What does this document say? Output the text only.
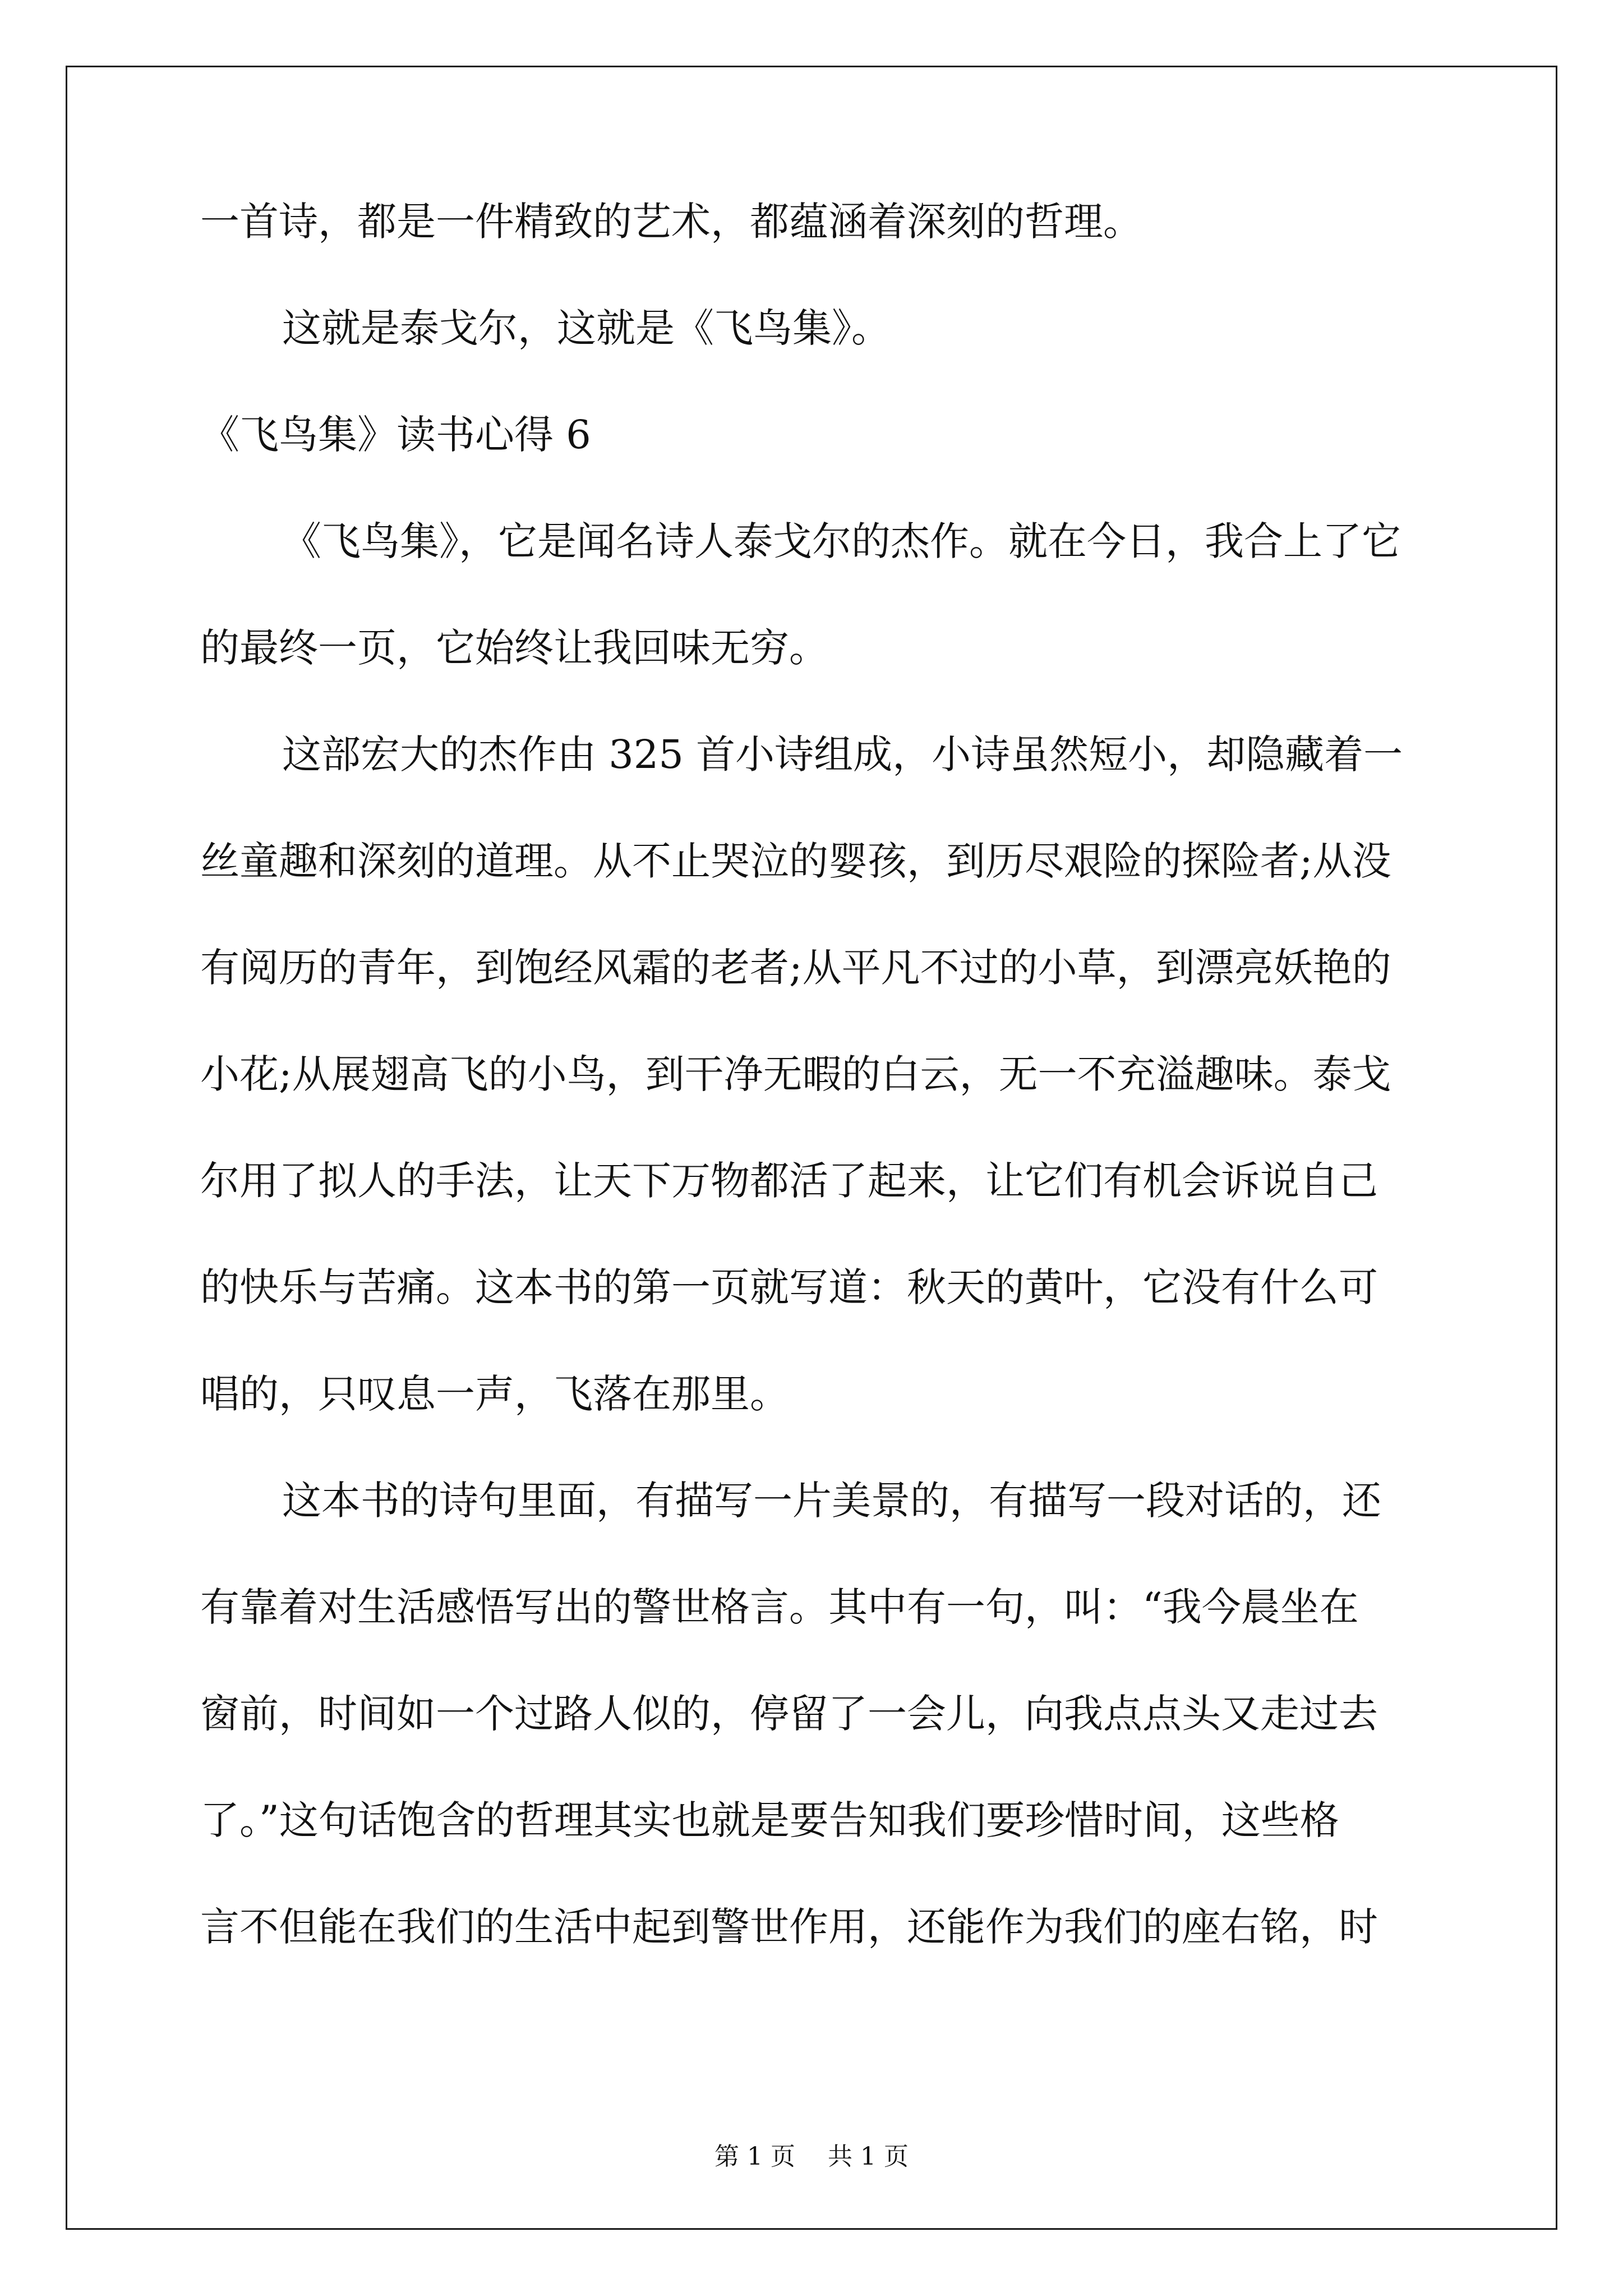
一首诗，都是一件精致的艺术，都蕴涵着深刻的哲理。
这就是泰戈尔，这就是《飞鸟集》。
《飞鸟集》读书心得 6
《飞鸟集》，它是闻名诗人泰戈尔的杰作。就在今日，我合上了它
的最终一页，它始终让我回味无穷。
这部宏大的杰作由 325 首小诗组成，小诗虽然短小，却隐藏着一
丝童趣和深刻的道理。从不止哭泣的婴孩，到历尽艰险的探险者;从没
有阅历的青年，到饱经风霜的老者;从平凡不过的小草，到漂亮妖艳的
小花;从展翅高飞的小鸟，到干净无暇的白云，无一不充溢趣味。泰戈
尔用了拟人的手法，让天下万物都活了起来，让它们有机会诉说自己
的快乐与苦痛。这本书的第一页就写道：秋天的黄叶，它没有什么可
唱的，只叹息一声，飞落在那里。
这本书的诗句里面，有描写一片美景的，有描写一段对话的，还
有靠着对生活感悟写出的警世格言。其中有一句，叫：“我今晨坐在
窗前，时间如一个过路人似的，停留了一会儿，向我点点头又走过去
了。”这句话饱含的哲理其实也就是要告知我们要珍惜时间，这些格
言不但能在我们的生活中起到警世作用，还能作为我们的座右铭，时
第 1 页 共 1 页
